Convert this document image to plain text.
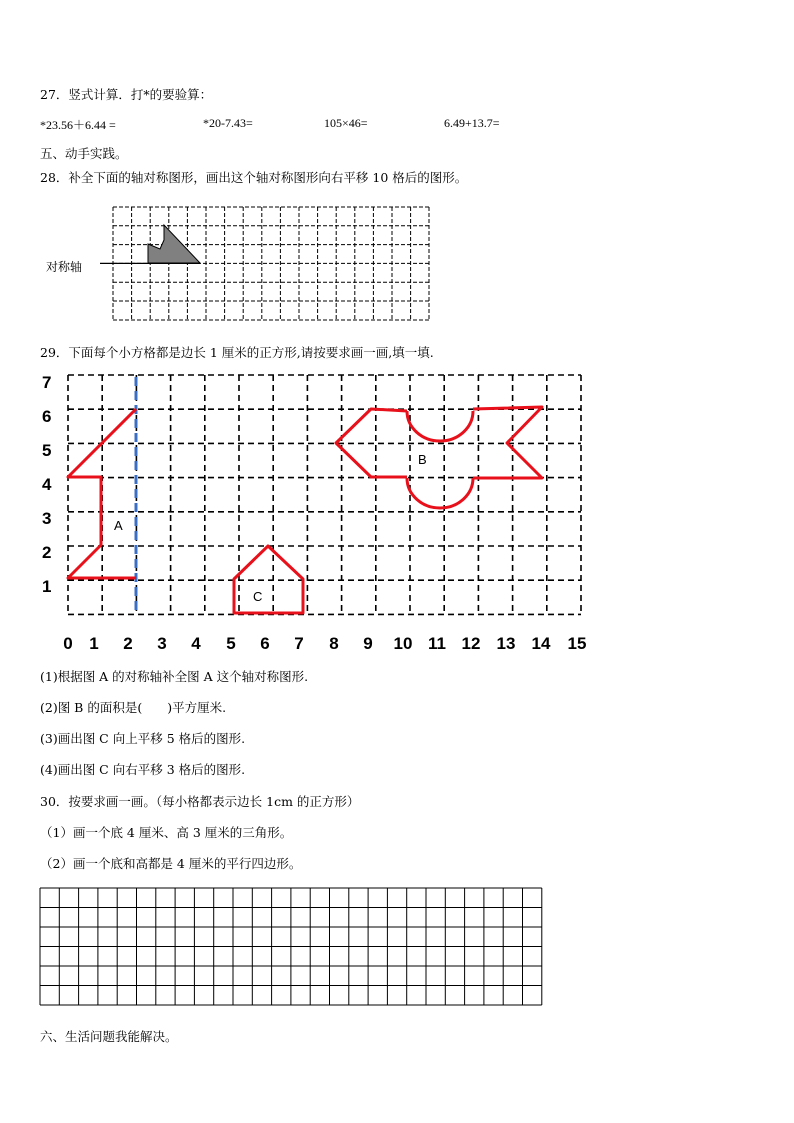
27．竖式计算．打*的要验算：
*23.56＋6.44 =	*20-7.43=	105×46=	6.49+13.7=
五、动手实践。
28．补全下面的轴对称图形，画出这个轴对称图形向右平移 10 格后的图形。
对称轴
29．下面每个小方格都是边长 1 厘米的正方形,请按要求画一画,填一填.
7
6
5
4
3
2
1
0 1 2 3 4 5 6 7 8 9 10 11 12 13 14 15
A
B
C
(1)根据图 A 的对称轴补全图 A 这个轴对称图形.
(2)图 B 的面积是(　　)平方厘米.
(3)画出图 C 向上平移 5 格后的图形.
(4)画出图 C 向右平移 3 格后的图形.
30．按要求画一画。（每小格都表示边长 1cm 的正方形）
（1）画一个底 4 厘米、高 3 厘米的三角形。
（2）画一个底和高都是 4 厘米的平行四边形。
六、生活问题我能解决。
